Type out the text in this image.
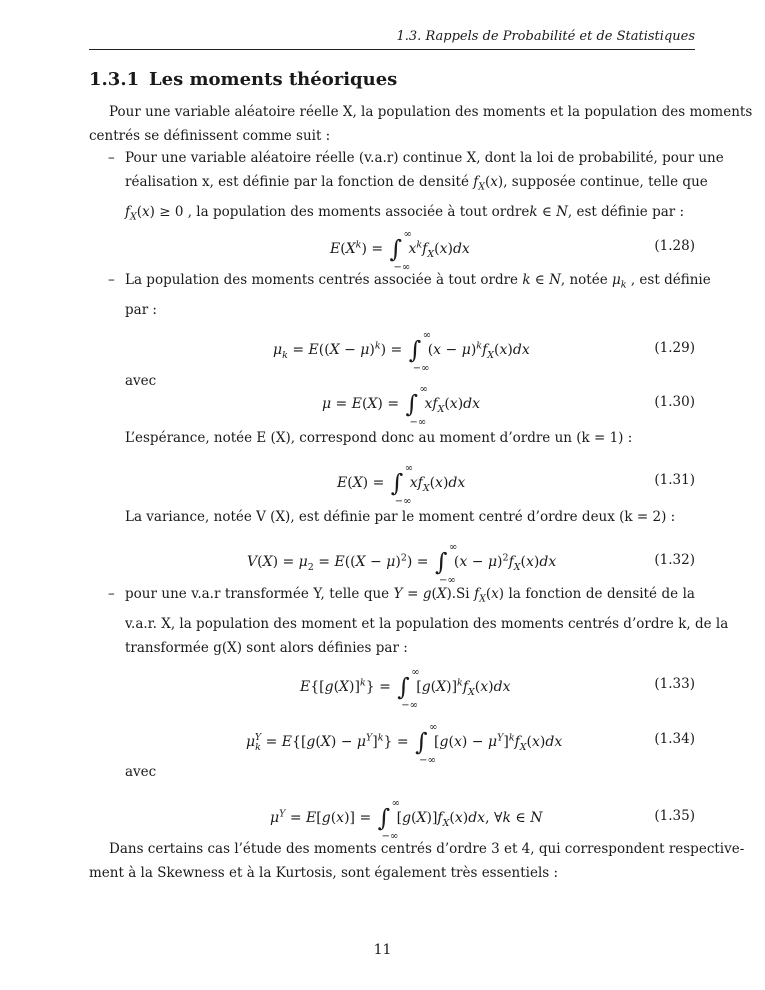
1.3. Rappels de Probabilité et de Statistiques
1.3.1 Les moments théoriques
Pour une variable aléatoire réelle X, la population des moments et la population des moments
centrés se définissent comme suit :
– Pour une variable aléatoire réelle (v.a.r) continue X, dont la loi de probabilité, pour une
réalisation x, est définie par la fonction de densité $f_X(x)$, supposée continue, telle que
$f_X(x) \ge 0$ , la population des moments associée à tout ordrek ∈ N, est définie par :
$E(X^k)$ = ∫
∞
−∞
$x^kf_X(x)dx$	(1.28)
– La population des moments centrés associée à tout ordre k ∈ N, notée $\mu_k$ , est définie
par :
$\mu_k = E((X - \mu)^k)$ = ∫
∞
−∞
$(x - \mu)^kf_X(x)dx$	(1.29)
avec
μ = E(X) = ∫
∞
−∞
$xf_X(x)dx$	(1.30)
L’espérance, notée E (X), correspond donc au moment d’ordre un (k = 1) :
E(X) = ∫
∞
−∞
$xf_X(x)dx$	(1.31)
La variance, notée V (X), est définie par le moment centré d’ordre deux (k = 2) :
$V(X) = \mu_2 = E((X - \mu)^2)$ = ∫
∞
−∞
$(x - \mu)^2f_X(x)dx$	(1.32)
– pour une v.a.r transformée Y, telle que Y = g(X).Si $f_X(x)$ la fonction de densité de la
v.a.r. X, la population des moment et la population des moments centrés d’ordre k, de la
transformée g(X) sont alors définies par :
$E\{[g(X)]^k\}$ = ∫
∞
−∞
$[g(X)]^kf_X(x)dx$	(1.33)
$\mu_k^Y = E\{[g(X) - \mu^Y]^k\}$ = ∫
∞
−∞
$[g(x) - \mu^Y]^kf_X(x)dx$	(1.34)
avec
$\mu^Y = E[g(x)]$ = ∫
∞
−∞
$[g(X)]f_X(x)dx$, ∀k ∈ N	(1.35)
Dans certains cas l’étude des moments centrés d’ordre 3 et 4, qui correspondent respective-
ment à la Skewness et à la Kurtosis, sont également très essentiels :
11
